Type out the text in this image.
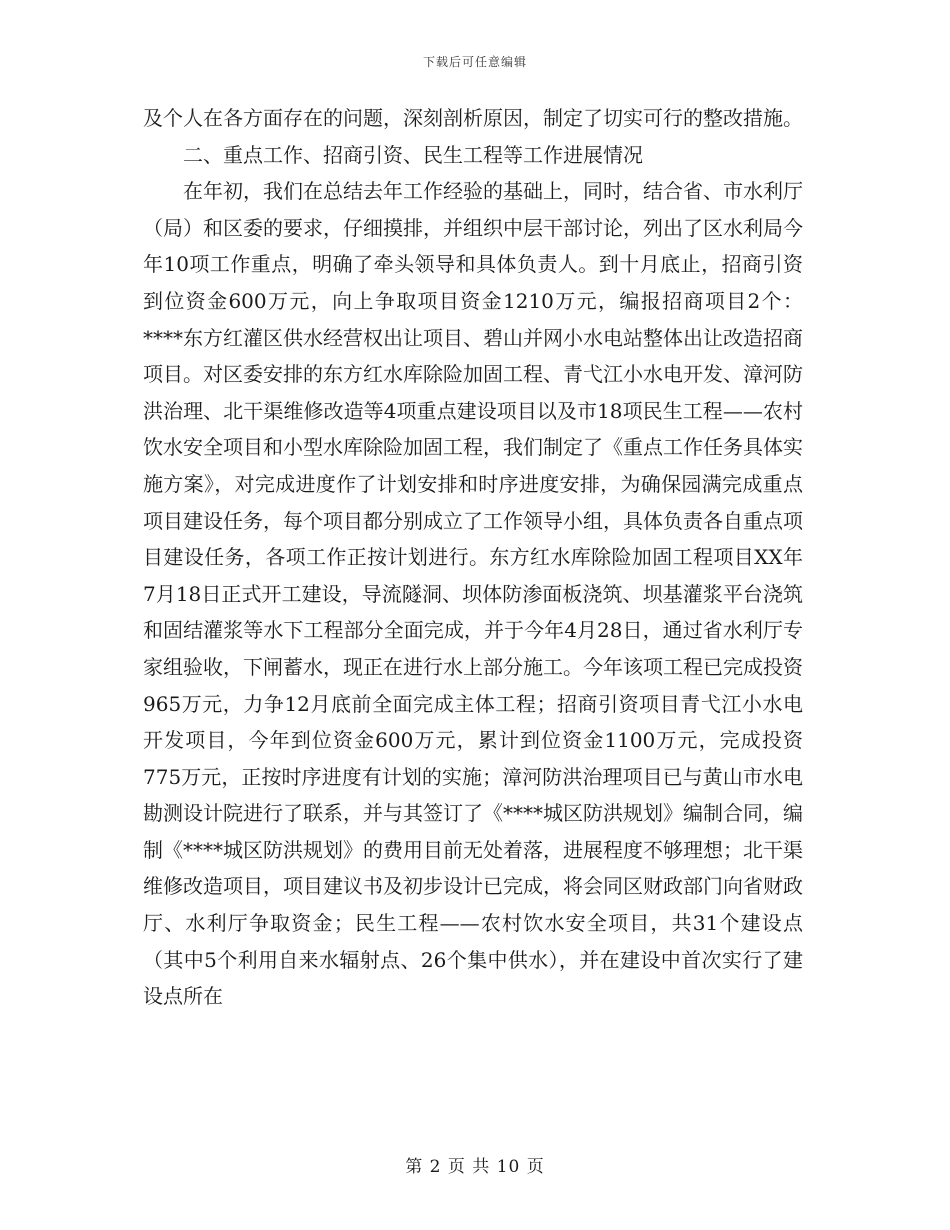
下载后可任意编辑

及个人在各方面存在的问题，深刻剖析原因，制定了切实可行的整改措施。

二、重点工作、招商引资、民生工程等工作进展情况

在年初，我们在总结去年工作经验的基础上，同时，结合省、市水利厅（局）和区委的要求，仔细摸排，并组织中层干部讨论，列出了区水利局今年10项工作重点，明确了牵头领导和具体负责人。到十月底止，招商引资到位资金600万元，向上争取项目资金1210万元，编报招商项目2个：****东方红灌区供水经营权出让项目、碧山并网小水电站整体出让改造招商项目。对区委安排的东方红水库除险加固工程、青弋江小水电开发、漳河防洪治理、北干渠维修改造等4项重点建设项目以及市18项民生工程——农村饮水安全项目和小型水库除险加固工程，我们制定了《重点工作任务具体实施方案》，对完成进度作了计划安排和时序进度安排，为确保园满完成重点项目建设任务，每个项目都分别成立了工作领导小组，具体负责各自重点项目建设任务，各项工作正按计划进行。东方红水库除险加固工程项目XX年7月18日正式开工建设，导流隧洞、坝体防渗面板浇筑、坝基灌浆平台浇筑和固结灌浆等水下工程部分全面完成，并于今年4月28日，通过省水利厅专家组验收，下闸蓄水，现正在进行水上部分施工。今年该项工程已完成投资965万元，力争12月底前全面完成主体工程；招商引资项目青弋江小水电开发项目，今年到位资金600万元，累计到位资金1100万元，完成投资775万元，正按时序进度有计划的实施；漳河防洪治理项目已与黄山市水电勘测设计院进行了联系，并与其签订了《****城区防洪规划》编制合同，编制《****城区防洪规划》的费用目前无处着落，进展程度不够理想；北干渠维修改造项目，项目建议书及初步设计已完成，将会同区财政部门向省财政厅、水利厅争取资金；民生工程——农村饮水安全项目，共31个建设点（其中5个利用自来水辐射点、26个集中供水），并在建设中首次实行了建设点所在

第 2 页 共 10 页
